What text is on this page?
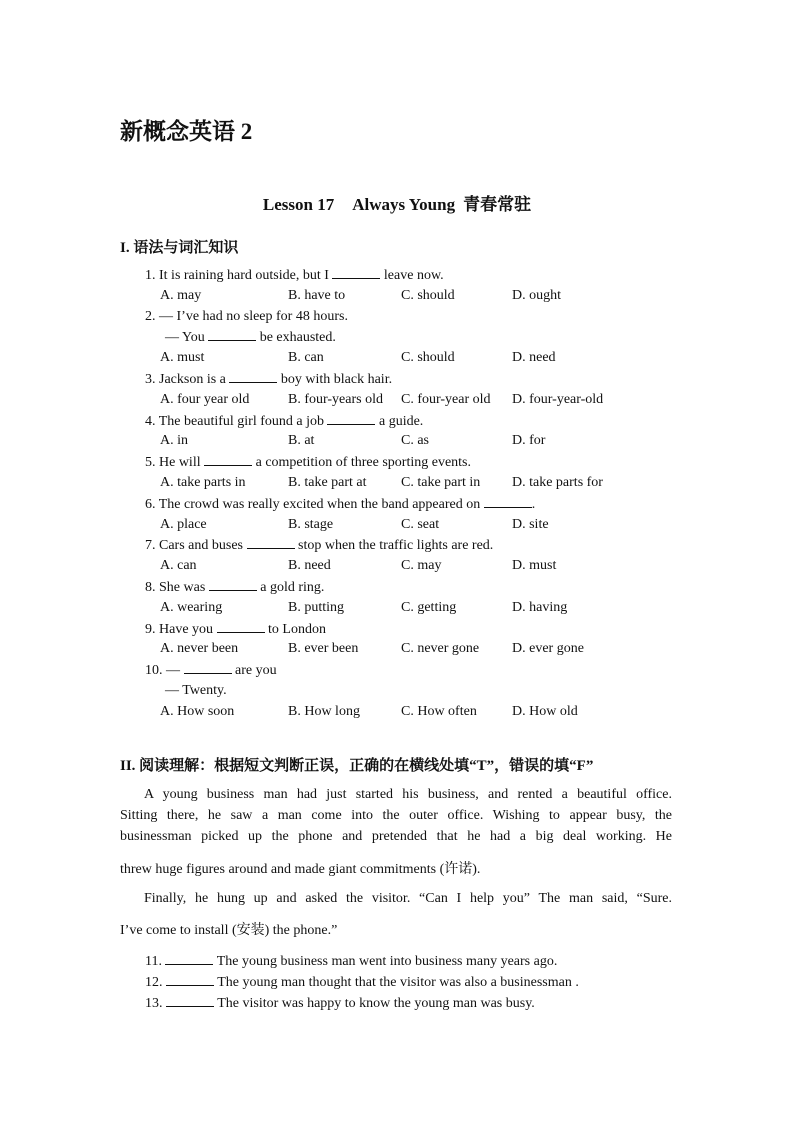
新概念英语 2
Lesson 17 Always Young 青春常驻
I. 语法与词汇知识
1. It is raining hard outside, but I	leave now.
A. may	B. have to	C. should	D. ought
2. — I’ve had no sleep for 48 hours.
— You	be exhausted.
A. must	B. can	C. should	D. need
3. Jackson is a	boy with black hair.
A. four year old	B. four-years old C. four-year old D. four-year-old
4. The beautiful girl found a job	a guide.
A. in	B. at	C. as	D. for
5. He will	a competition of three sporting events.
A. take parts in	B. take part at C. take part in D. take parts for
6. The crowd was really excited when the band appeared on	.
A. place	B. stage	C. seat	D. site
7. Cars and buses	stop when the traffic lights are red.
A. can	B. need	C. may	D. must
8. She was	a gold ring.
A. wearing	B. putting	C. getting	D. having
9. Have you	to London
A. never been	B. ever been	C. never gone D. ever gone
10. —	are you
— Twenty.
A. How soon	B. How long	C. How often	D. How old
II. 阅读理解：根据短文判断正误，正确的在横线处填“T”，错误的填“F”
A young business man had just started his business, and rented a beautiful office.
Sitting there, he saw a man come into the outer office. Wishing to appear busy, the
businessman picked up the phone and pretended that he had a big deal working. He
threw huge figures around and made giant commitments (许诺).
Finally, he hung up and asked the visitor. “Can I help you” The man said, “Sure.
I’ve come to install (安装) the phone.”
11.	The young business man went into business many years ago.
12.	The young man thought that the visitor was also a businessman .
13.	The visitor was happy to know the young man was busy.
